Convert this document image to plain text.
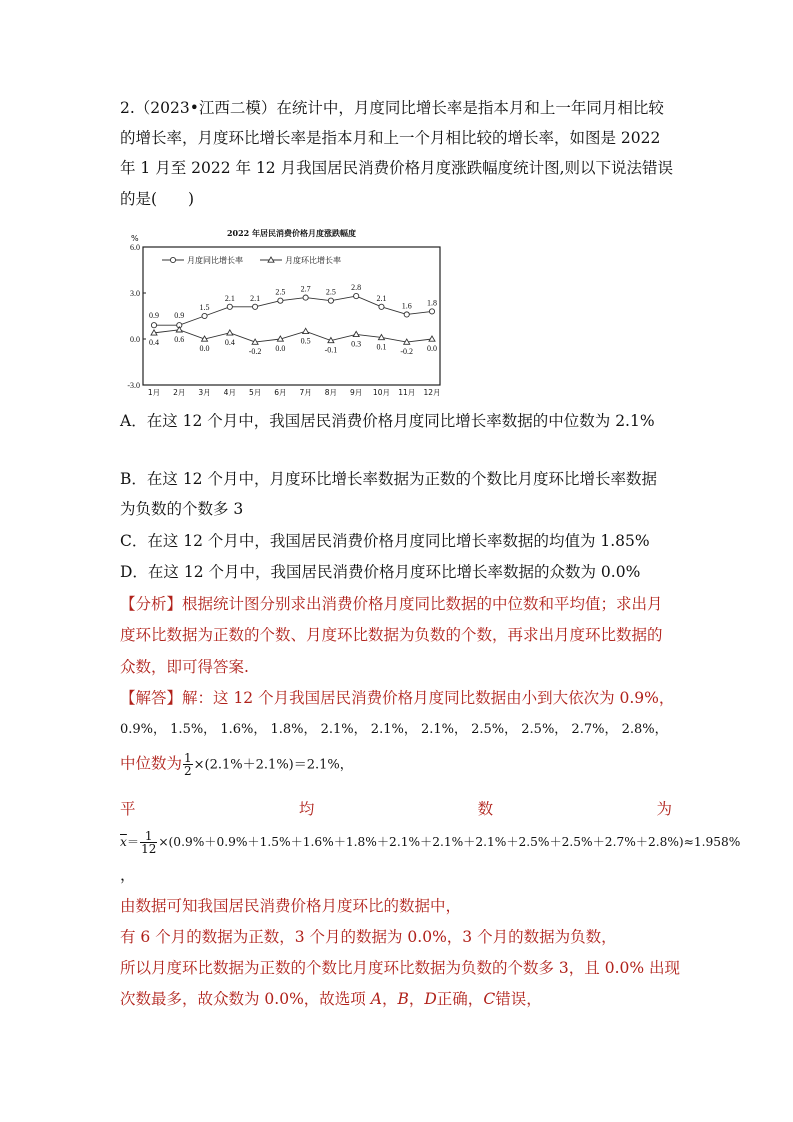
2.（2023•江西二模）在统计中，月度同比增长率是指本月和上一年同月相比较
的增长率，月度环比增长率是指本月和上一个月相比较的增长率，如图是 2022
年 1 月至 2022 年 12 月我国居民消费价格月度涨跌幅度统计图,则以下说法错误
的是(　　)
2022 年居民消费价格月度涨跌幅度
%
6.0
3.0
0.0
-3.0
1月 2月 3月 4月 5月 6月 7月 8月 9月 10月 11月 12月
月度同比增长率	月度环比增长率
0.9 0.9
1.5
2.1 2.1
2.5 2.7 2.5
2.8
2.1
1.6 1.8
0.4 0.6
0.0
0.4
-0.2 0.0
0.5
-0.1
0.3 0.1
-0.2 0.0
A．在这 12 个月中，我国居民消费价格月度同比增长率数据的中位数为 2.1%
B．在这 12 个月中，月度环比增长率数据为正数的个数比月度环比增长率数据
为负数的个数多 3
C．在这 12 个月中，我国居民消费价格月度同比增长率数据的均值为 1.85%
D．在这 12 个月中，我国居民消费价格月度环比增长率数据的众数为 0.0%
【分析】根据统计图分别求出消费价格月度同比数据的中位数和平均值；求出月
度环比数据为正数的个数、月度环比数据为负数的个数，再求出月度环比数据的
众数，即可得答案.
【解答】解：这 12 个月我国居民消费价格月度同比数据由小到大依次为 0.9%，
0.9%， 1.5%， 1.6%， 1.8%， 2.1%， 2.1%， 2.1%， 2.5%， 2.5%， 2.7%， 2.8%，
中位数为 $\frac{1}{2} \times(2.1\%+2.1\%)=2.1\%$，
平	均	数	为
$\overline{x}= \frac{1}{12} \times(0.9\%+0.9\%+1.5\%+1.6\%+1.8\%+2.1\%+2.1\%+2.1\%+2.5\%+2.5\%+2.7\%+2.8\%)\approx 1.958\%$
，
由数据可知我国居民消费价格月度环比的数据中，
有 6 个月的数据为正数，3 个月的数据为 0.0%，3 个月的数据为负数，
所以月度环比数据为正数的个数比月度环比数据为负数的个数多 3，且 0.0% 出现
次数最多，故众数为 0.0%，故选项 A，B，D正确，C错误，
